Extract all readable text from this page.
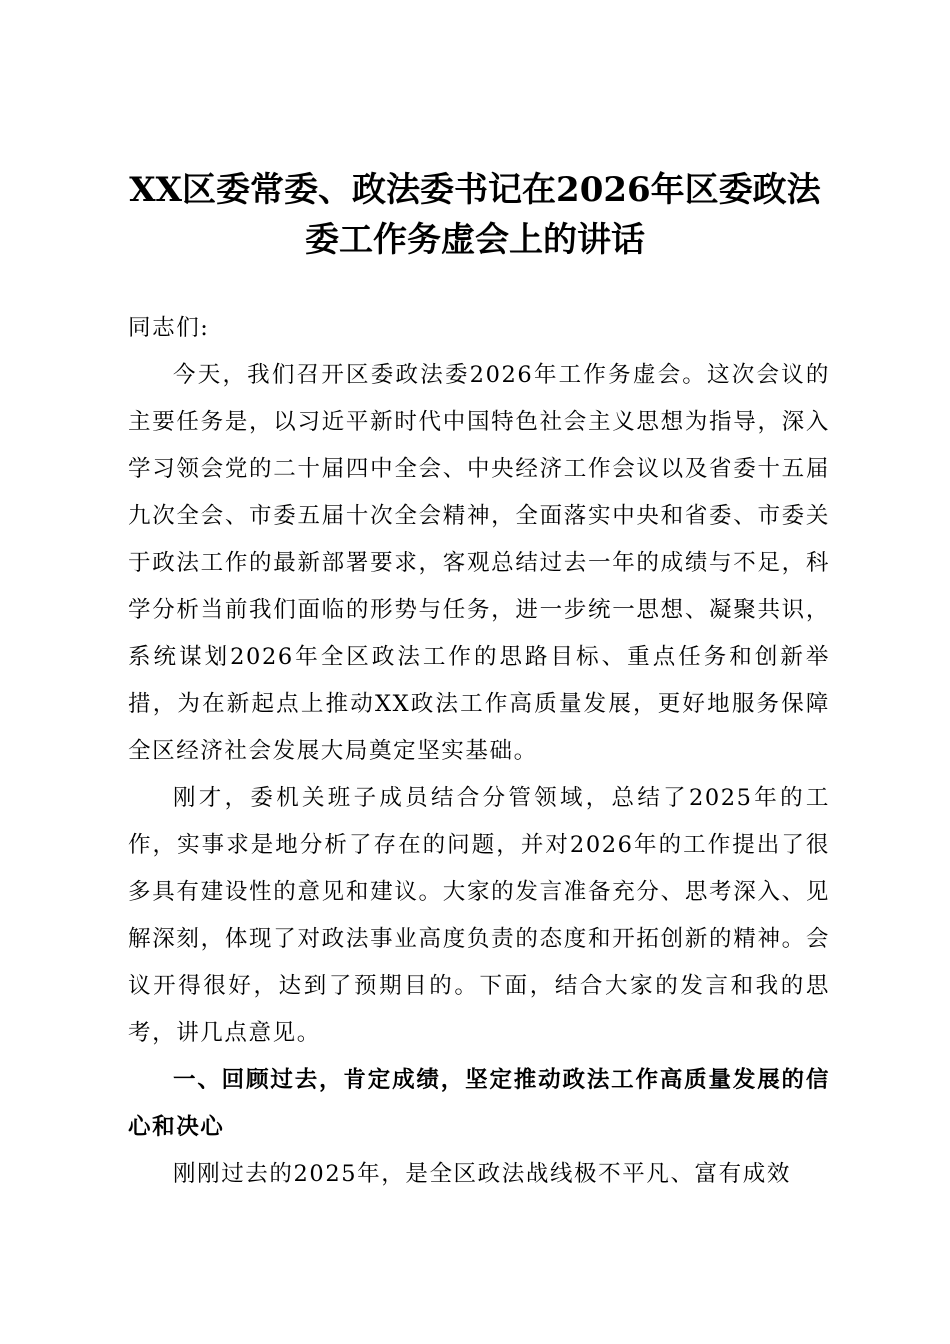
XX区委常委、政法委书记在2026年区委政法
委工作务虚会上的讲话

同志们:

今天，我们召开区委政法委2026年工作务虚会。这次会议的主要任务是，以习近平新时代中国特色社会主义思想为指导，深入学习领会党的二十届四中全会、中央经济工作会议以及省委十五届九次全会、市委五届十次全会精神，全面落实中央和省委、市委关于政法工作的最新部署要求，客观总结过去一年的成绩与不足，科学分析当前我们面临的形势与任务，进一步统一思想、凝聚共识，系统谋划2026年全区政法工作的思路目标、重点任务和创新举措，为在新起点上推动XX政法工作高质量发展，更好地服务保障全区经济社会发展大局奠定坚实基础。

刚才，委机关班子成员结合分管领域，总结了2025年的工作，实事求是地分析了存在的问题，并对2026年的工作提出了很多具有建设性的意见和建议。大家的发言准备充分、思考深入、见解深刻，体现了对政法事业高度负责的态度和开拓创新的精神。会议开得很好，达到了预期目的。下面，结合大家的发言和我的思考，讲几点意见。

一、回顾过去，肯定成绩，坚定推动政法工作高质量发展的信心和决心

刚刚过去的2025年，是全区政法战线极不平凡、富有成效
